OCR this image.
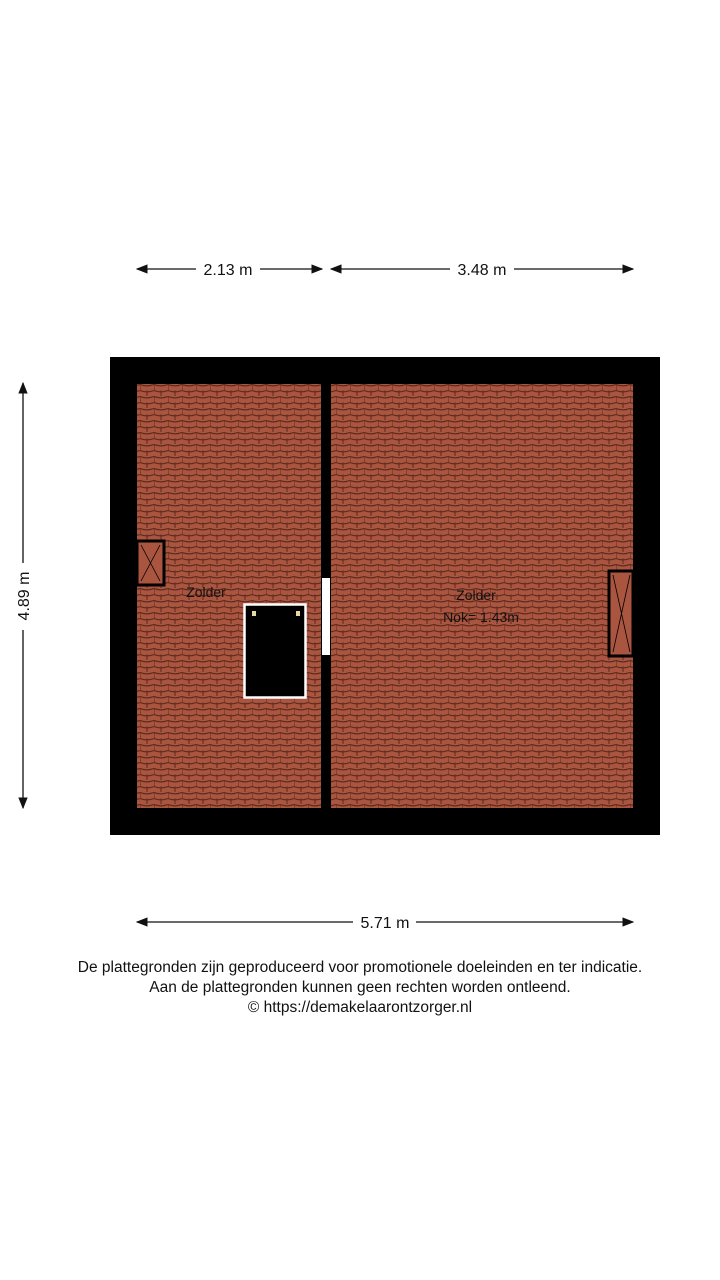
2.13 m	3.48 m
4.89 m	Zolder	Zolder
Nok= 1.43m
5.71 m
De plattegronden zijn geproduceerd voor promotionele doeleinden en ter indicatie.
Aan de plattegronden kunnen geen rechten worden ontleend.
© https://demakelaarontzorger.nl
